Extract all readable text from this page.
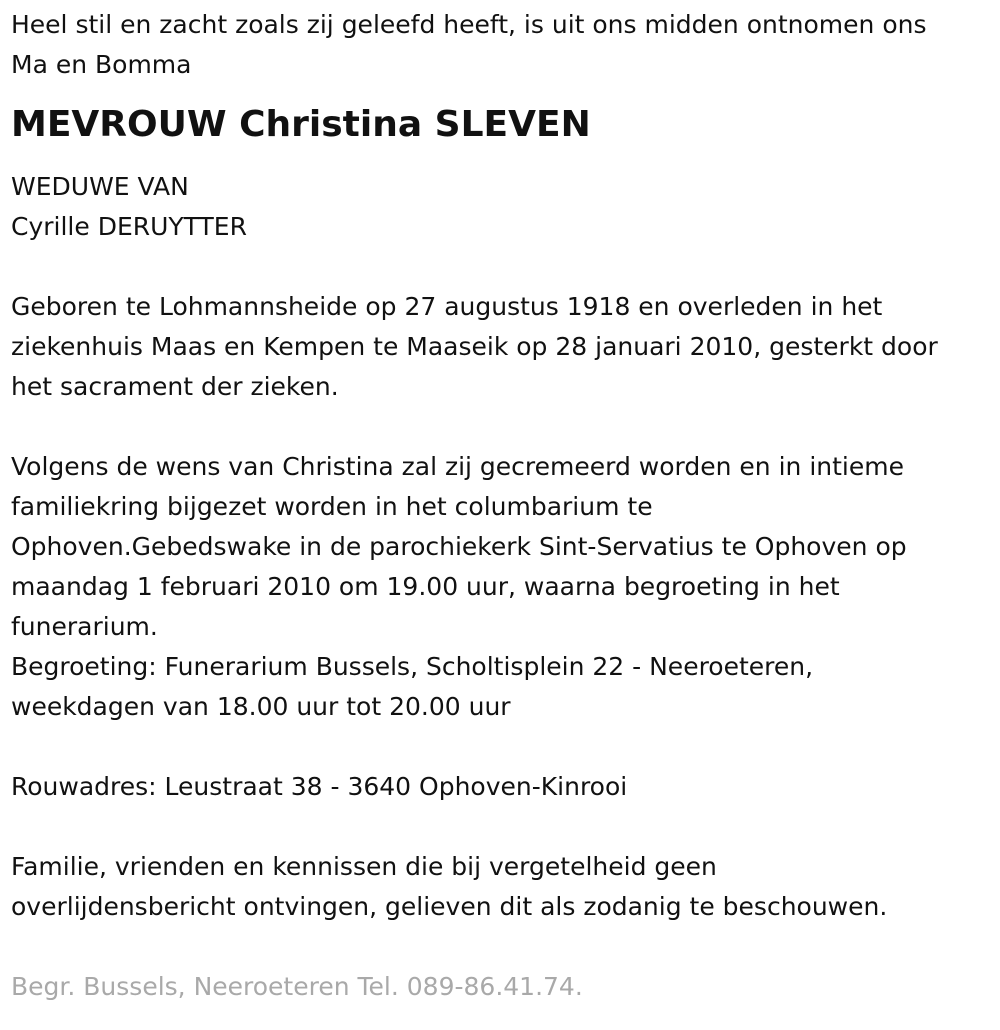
Heel stil en zacht zoals zij geleefd heeft, is uit ons midden ontnomen ons
Ma en Bomma
MEVROUW Christina SLEVEN
WEDUWE VAN
Cyrille DERUYTTER
Geboren te Lohmannsheide op 27 augustus 1918 en overleden in het
ziekenhuis Maas en Kempen te Maaseik op 28 januari 2010, gesterkt door
het sacrament der zieken.
Volgens de wens van Christina zal zij gecremeerd worden en in intieme
familiekring bijgezet worden in het columbarium te
Ophoven.Gebedswake in de parochiekerk Sint-Servatius te Ophoven op
maandag 1 februari 2010 om 19.00 uur, waarna begroeting in het
funerarium.
Begroeting: Funerarium Bussels, Scholtisplein 22 - Neeroeteren,
weekdagen van 18.00 uur tot 20.00 uur
Rouwadres: Leustraat 38 - 3640 Ophoven-Kinrooi
Familie, vrienden en kennissen die bij vergetelheid geen
overlijdensbericht ontvingen, gelieven dit als zodanig te beschouwen.
Begr. Bussels, Neeroeteren Tel. 089-86.41.74.
